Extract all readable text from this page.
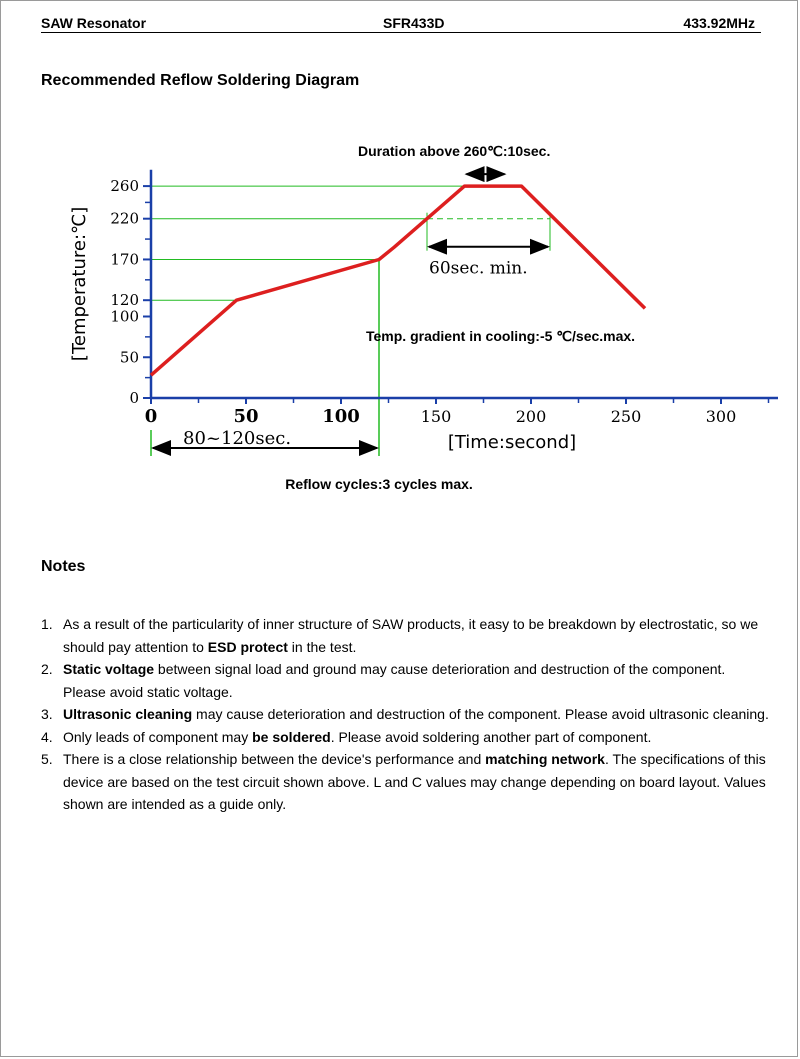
SAW Resonator	SFR433D	433.92MHz
Recommended Reflow Soldering Diagram
0
50
100
120
170
220
260
0	50	100	150	200	250	300
[Temperature:℃]
[Time:second]
Duration above 260℃:10sec.
60sec. min.
80~120sec.
Temp. gradient in cooling:-5 ℃/sec.max.
Reflow cycles:3 cycles max.
Notes
1. As a result of the particularity of inner structure of SAW products, it easy to be breakdown by electrostatic, so we should pay attention to ESD protect in the test.
2. Static voltage between signal load and ground may cause deterioration and destruction of the component. Please avoid static voltage.
3. Ultrasonic cleaning may cause deterioration and destruction of the component. Please avoid ultrasonic cleaning.
4. Only leads of component may be soldered. Please avoid soldering another part of component.
5. There is a close relationship between the device's performance and matching network. The specifications of this device are based on the test circuit shown above. L and C values may change depending on board layout. Values shown are intended as a guide only.
